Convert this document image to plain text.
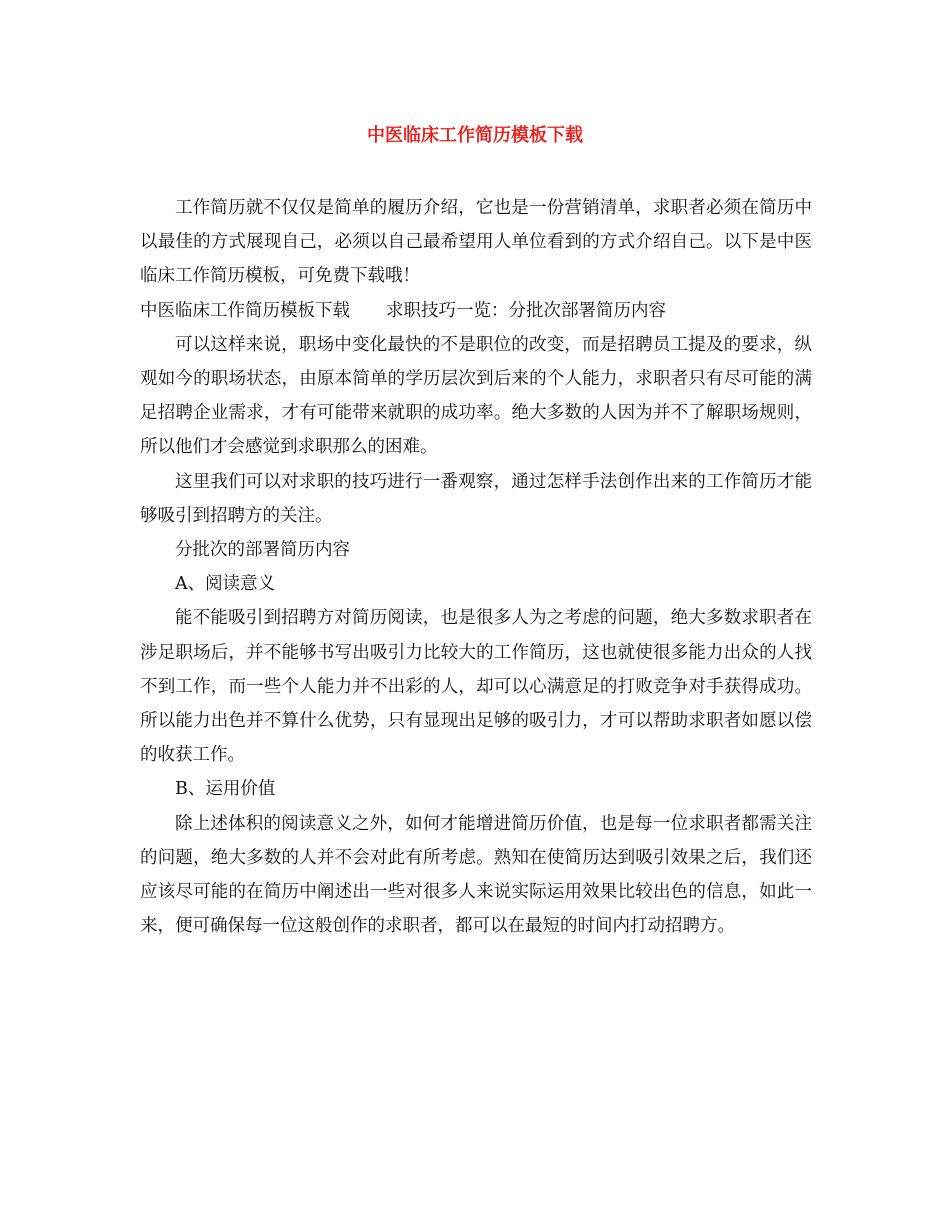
中医临床工作简历模板下载

工作简历就不仅仅是简单的履历介绍，它也是一份营销清单，求职者必须在简历中以最佳的方式展现自己，必须以自己最希望用人单位看到的方式介绍自己。以下是中医临床工作简历模板，可免费下载哦！

中医临床工作简历模板下载 求职技巧一览：分批次部署简历内容

可以这样来说，职场中变化最快的不是职位的改变，而是招聘员工提及的要求，纵观如今的职场状态，由原本简单的学历层次到后来的个人能力，求职者只有尽可能的满足招聘企业需求，才有可能带来就职的成功率。绝大多数的人因为并不了解职场规则，所以他们才会感觉到求职那么的困难。

这里我们可以对求职的技巧进行一番观察，通过怎样手法创作出来的工作简历才能够吸引到招聘方的关注。

分批次的部署简历内容

A、阅读意义

能不能吸引到招聘方对简历阅读，也是很多人为之考虑的问题，绝大多数求职者在涉足职场后，并不能够书写出吸引力比较大的工作简历，这也就使很多能力出众的人找不到工作，而一些个人能力并不出彩的人，却可以心满意足的打败竞争对手获得成功。所以能力出色并不算什么优势，只有显现出足够的吸引力，才可以帮助求职者如愿以偿的收获工作。

B、运用价值

除上述体积的阅读意义之外，如何才能增进简历价值，也是每一位求职者都需关注的问题，绝大多数的人并不会对此有所考虑。熟知在使简历达到吸引效果之后，我们还应该尽可能的在简历中阐述出一些对很多人来说实际运用效果比较出色的信息，如此一来，便可确保每一位这般创作的求职者，都可以在最短的时间内打动招聘方。
